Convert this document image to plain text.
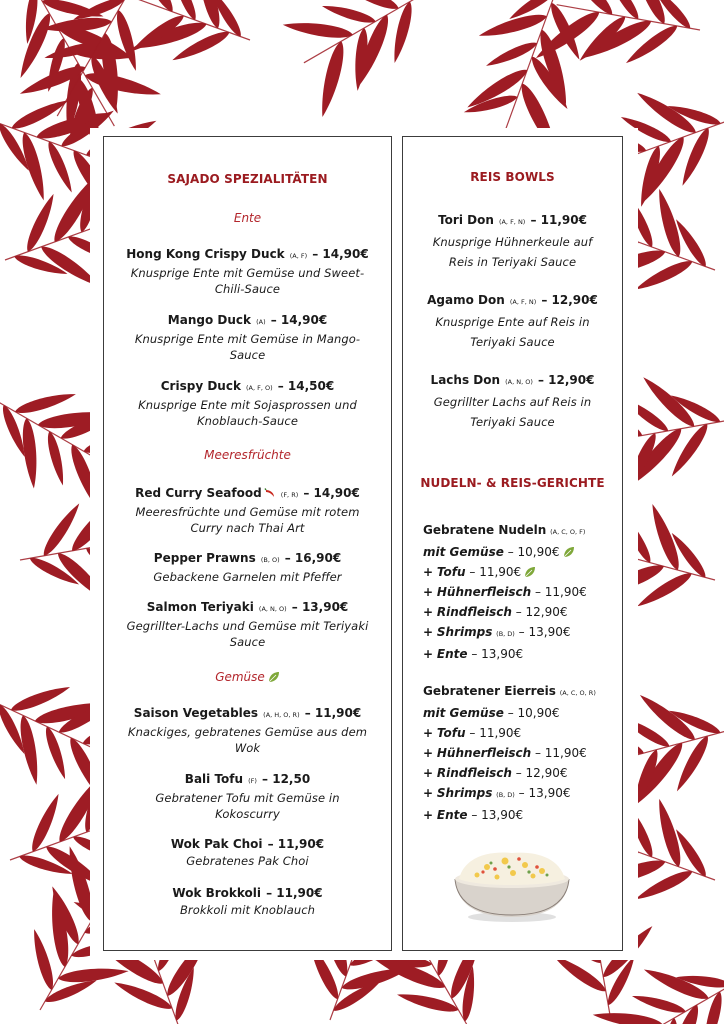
SAJADO SPEZIALITÄTEN
Ente
Hong Kong Crispy Duck (A, F) – 14,90€
Knusprige Ente mit Gemüse und Sweet-
Chili-Sauce
Mango Duck (A) – 14,90€
Knusprige Ente mit Gemüse in Mango-
Sauce
Crispy Duck (A, F, O) – 14,50€
Knusprige Ente mit Sojasprossen und
Knoblauch-Sauce
Meeresfrüchte
Red Curry Seafood	(F, R) – 14,90€
Meeresfrüchte und Gemüse mit rotem
Curry nach Thai Art
Pepper Prawns (B, O) – 16,90€
Gebackene Garnelen mit Pfeffer
Salmon Teriyaki (A, N, O) – 13,90€
Gegrillter-Lachs und Gemüse mit Teriyaki
Sauce
Gemüse
Saison Vegetables (A, H, O, R) – 11,90€
Knackiges, gebratenes Gemüse aus dem
Wok
Bali Tofu (F) – 12,50
Gebratener Tofu mit Gemüse in
Kokoscurry
Wok Pak Choi – 11,90€
Gebratenes Pak Choi
Wok Brokkoli – 11,90€
Brokkoli mit Knoblauch
REIS BOWLS
Tori Don (A, F, N) – 11,90€
Knusprige Hühnerkeule auf
Reis in Teriyaki Sauce
Agamo Don (A, F, N) – 12,90€
Knusprige Ente auf Reis in
Teriyaki Sauce
Lachs Don (A, N, O) – 12,90€
Gegrillter Lachs auf Reis in
Teriyaki Sauce
NUDELN- & REIS-GERICHTE
Gebratene Nudeln (A, C, O, F)
mit Gemüse – 10,90€
+ Tofu – 11,90€
+ Hühnerfleisch – 11,90€
+ Rindfleisch – 12,90€
+ Shrimps (B, D) – 13,90€
+ Ente – 13,90€
Gebratener Eierreis (A, C, O, R)
mit Gemüse – 10,90€
+ Tofu – 11,90€
+ Hühnerfleisch – 11,90€
+ Rindfleisch – 12,90€
+ Shrimps (B, D) – 13,90€
+ Ente – 13,90€
